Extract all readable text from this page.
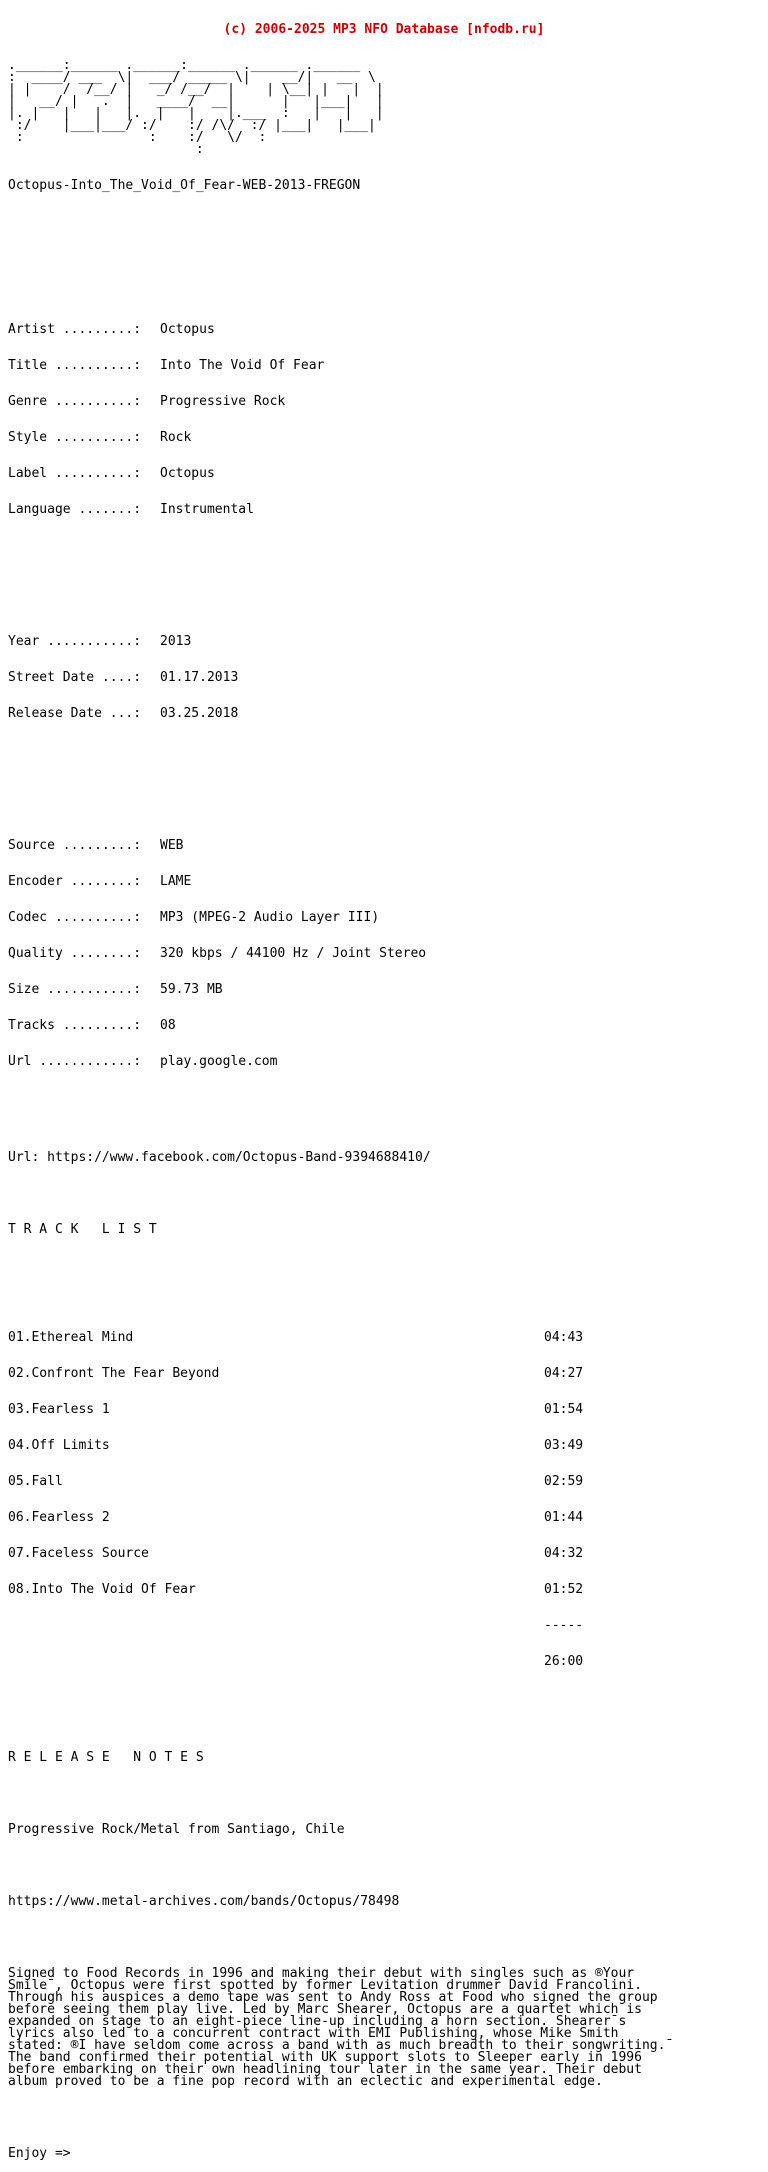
(c) 2006-2025 MP3 NFO Database [nfodb.ru]

.______:______ .______:______ .______ .______
:  ____/ ___  \|  ___/ _____ \|    __/|   __  \
| |    /  /__/ |   _/ /__/  |    | \__| |   |  |
|   __/ |   .  |   ____/  __|      |   |___|   |
|. |   |   |   |.  |   |    |.___  :   |   |   |
:/    |___|___/ :/    :/ /\/  :/ |___|   |___|
:                :    :/   \/  :
:

Octopus-Into_The_Void_Of_Fear-WEB-2013-FREGON

Artist .........:	Octopus

Title ..........:	Into The Void Of Fear

Genre ..........:	Progressive Rock

Style ..........:	Rock

Label ..........:	Octopus

Language .......:	Instrumental

Year ...........:	2013

Street Date ....:	01.17.2013

Release Date ...:	03.25.2018

Source .........:	WEB

Encoder ........:	LAME

Codec ..........:	MP3 (MPEG-2 Audio Layer III)

Quality ........:	320 kbps / 44100 Hz / Joint Stereo

Size ...........:	59.73 MB

Tracks .........:	08

Url ............:	play.google.com

Url: https://www.facebook.com/Octopus-Band-9394688410/

T R A C K   L I S T

01.Ethereal Mind	04:43

02.Confront The Fear Beyond	04:27

03.Fearless 1	01:54

04.Off Limits	03:49

05.Fall	02:59

06.Fearless 2	01:44

07.Faceless Source	04:32

08.Into The Void Of Fear	01:52

-----

26:00

R E L E A S E   N O T E S

Progressive Rock/Metal from Santiago, Chile

https://www.metal-archives.com/bands/Octopus/78498

Signed to Food Records in 1996 and making their debut with singles such as ®Your
Smile¯, Octopus were first spotted by former Levitation drummer David Francolini.
Through his auspices a demo tape was sent to Andy Ross at Food who signed the group
before seeing them play live. Led by Marc Shearer, Octopus are a quartet which is
expanded on stage to an eight-piece line-up including a horn section. Shearer¯s
lyrics also led to a concurrent contract with EMI Publishing, whose Mike Smith
stated: ®I have seldom come across a band with as much breadth to their songwriting.¯
The band confirmed their potential with UK support slots to Sleeper early in 1996
before embarking on their own headlining tour later in the same year. Their debut
album proved to be a fine pop record with an eclectic and experimental edge.

Enjoy =>
